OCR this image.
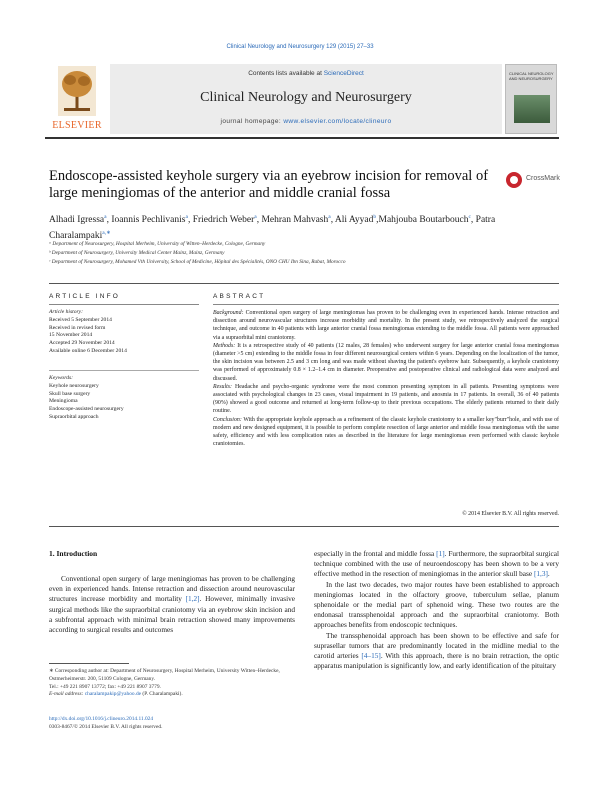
Clinical Neurology and Neurosurgery 129 (2015) 27–33
ELSEVIER
Contents lists available at ScienceDirect
Clinical Neurology and Neurosurgery
journal homepage: www.elsevier.com/locate/clineuro
CLINICAL NEUROLOGY AND NEUROSURGERY
Endoscope-assisted keyhole surgery via an eyebrow incision for removal of large meningiomas of the anterior and middle cranial fossa
CrossMark
Alhadi Igressa$^a$, Ioannis Pechlivanis$^a$, Friedrich Weber$^a$, Mehran Mahvash$^a$, Ali Ayyad$^b$,Mahjouba Boutarbouch$^c$, Patra Charalampaki$^{a,∗}$
ᵃ Department of Neurosurgery, Hospital Merheim, University of Witten–Herdecke, Cologne, Germany
ᵇ Department of Neurosurgery, University Medical Center Mainz, Mainz, Germany
ᶜ Department of Neurosurgery, Mohamed Vth University, School of Medicine, Hôpital des Spécialités, ONO CHU Ibn Sina, Rabat, Morocco
ARTICLE INFO	ABSTRACT
Article history:
Received 5 September 2014
Received in revised form
15 November 2014
Accepted 29 November 2014
Available online 6 December 2014
Keywords:
Keyhole neurosurgery
Skull base surgery
Meningioma
Endoscope-assisted neurosurgery
Supraorbital approach

Background: Conventional open surgery of large meningiomas has proven to be challenging even in experienced hands. Intense retraction and dissection around neurovascular structures increase morbidity and mortality. In the present study, we retrospectively analyzed the surgical technique, and outcome in 40 patients with large anterior cranial fossa meningiomas extending to the middle fossa. All patients were approached via a supraorbital mini craniotomy.

Methods: It is a retrospective study of 40 patients (12 males, 28 females) who underwent surgery for large anterior cranial fossa meningiomas (diameter >5 cm) extending to the middle fossa in four different neurosurgical centers within 6 years. Depending on the localization of the tumor, the skin incision was between 2.5 and 3 cm long and was made without shaving the patient's eyebrow hair. Subsequently, a keyhole craniotomy was performed of approximately 0.8 × 1.2–1.4 cm in diameter. Preoperative and postoperative clinical and radiological data were analyzed and discussed.

Results: Headache and psycho-organic syndrome were the most common presenting symptom in all patients. Presenting symptoms were associated with psychological changes in 23 cases, visual impairment in 19 patients, and anosmia in 17 patients. In overall, 36 of 40 patients (90%) showed a good outcome and returned at long-term follow-up to their previous occupations. The elderly patients returned to their daily routine.

Conclusion: With the appropriate keyhole approach as a refinement of the classic keyhole craniotomy to a smaller key"burr"hole, and with use of modern and new designed equipment, it is possible to perform complete resection of large anterior and middle fossa meningiomas with the same safety, efficiency and with less complication rates as described in the literature for large meningiomas even performed with classic keyhole craniotomies.

© 2014 Elsevier B.V. All rights reserved.
1. Introduction
Conventional open surgery of large meningiomas has proven to be challenging even in experienced hands. Intense retraction and dissection around neurovascular structures increase morbidity and mortality [1,2]. However, minimally invasive surgical methods like the supraorbital craniotomy via an eyebrow skin incision and a subfrontal approach with minimal brain retraction showed many improvements according to surgical results and outcomes

especially in the frontal and middle fossa [1]. Furthermore, the supraorbital surgical technique combined with the use of neuroendoscopy has been shown to be a very effective method in the resection of meningiomas in the anterior skull base [1,3].

In the last two decades, two major routes have been established to approach meningiomas located in the olfactory groove, tuberculum sellae, planum sphenoidale or the medial part of sphenoid wing. These two routes are the endonasal transsphenoidal approach and the supraorbital craniotomy. Both approaches benefits from endoscopic techniques.

The transsphenoidal approach has been shown to be effective and safe for suprasellar tumors that are predominantly located in the midline medial to the carotid arteries [4–15]. With this approach, there is no brain retraction, the optic apparatus manipulation is significantly low, and early identification of the pituitary

∗ Corresponding author at: Department of Neurosurgery, Hospital Merheim, University Witten–Herdecke, Ostmerheimerstr. 200, 51109 Cologne, Germany.
Tel.: +49 221 8907 13772; fax: +49 221 8907 3779.
E-mail address: charalampakip@yahoo.de (P. Charalampaki).
http://dx.doi.org/10.1016/j.clineuro.2014.11.024
0303-8467/© 2014 Elsevier B.V. All rights reserved.
